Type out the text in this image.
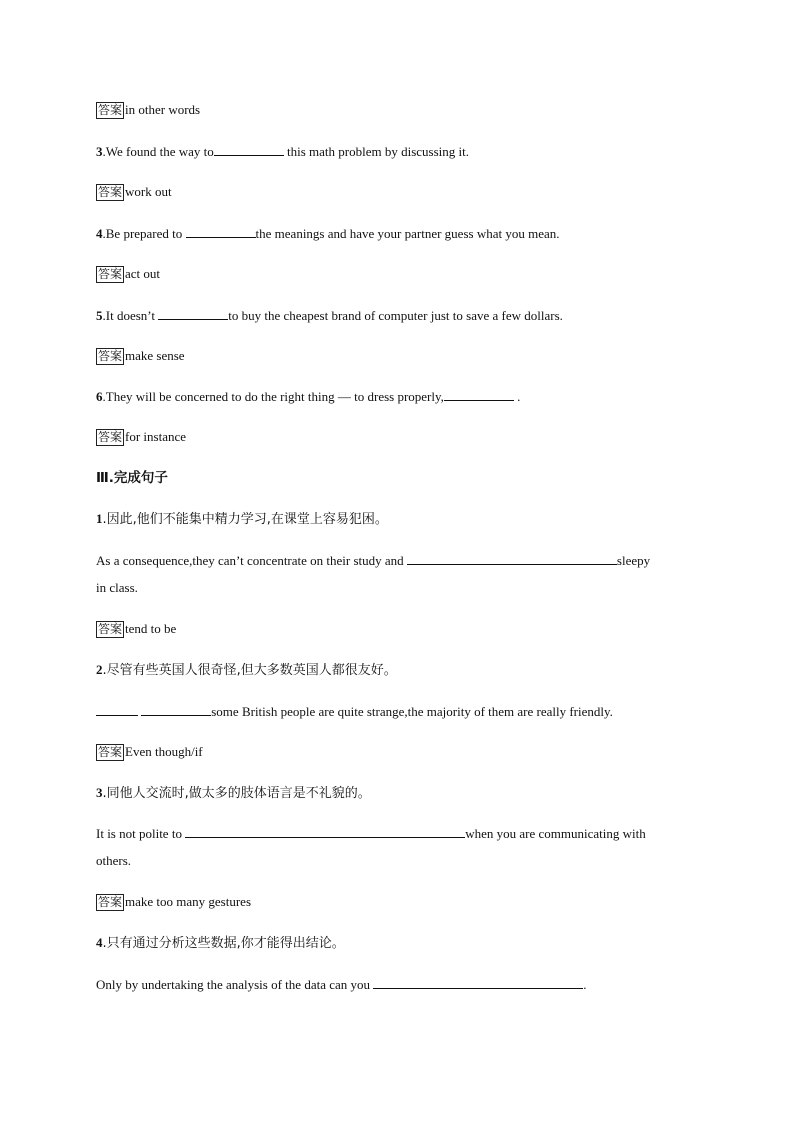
答案 in other words
3.We found the way to	this math problem by discussing it.
答案 work out
4.Be prepared to	the meanings and have your partner guess what you mean.
答案 act out
5.It doesn’t	to buy the cheapest brand of computer just to save a few dollars.
答案 make sense
6.They will be concerned to do the right thing — to dress properly,	.
答案 for instance
Ⅲ.完成句子
1.因此,他们不能集中精力学习,在课堂上容易犯困。
As a consequence,they can’t concentrate on their study and	sleepy
in class.
答案 tend to be
2.尽管有些英国人很奇怪,但大多数英国人都很友好。
some British people are quite strange,the majority of them are really friendly.
答案 Even though/if
3.同他人交流时,做太多的肢体语言是不礼貌的。
It is not polite to	when you are communicating with
others.
答案 make too many gestures
4.只有通过分析这些数据,你才能得出结论。
Only by undertaking the analysis of the data can you	.
